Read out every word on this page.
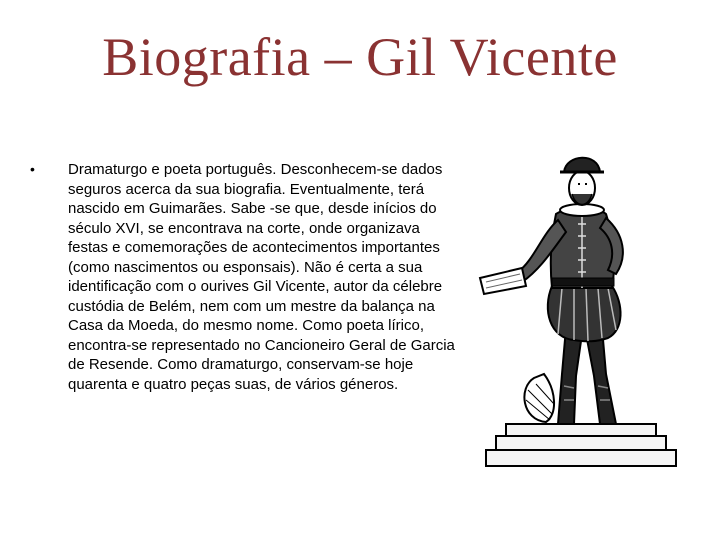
Biografia – Gil Vicente
• Dramaturgo e poeta português. Desconhecem-se dados seguros acerca da sua biografia. Eventualmente, terá nascido em Guimarães. Sabe -se que, desde inícios do século XVI, se encontrava na corte, onde organizava festas e comemorações de acontecimentos importantes (como nascimentos ou esponsais). Não é certa a sua identificação com o ourives Gil Vicente, autor da célebre custódia de Belém, nem com um mestre da balança na Casa da Moeda, do mesmo nome. Como poeta lírico, encontra-se representado no Cancioneiro Geral de Garcia de Resende. Como dramaturgo, conservam-se hoje quarenta e quatro peças suas, de vários géneros.
